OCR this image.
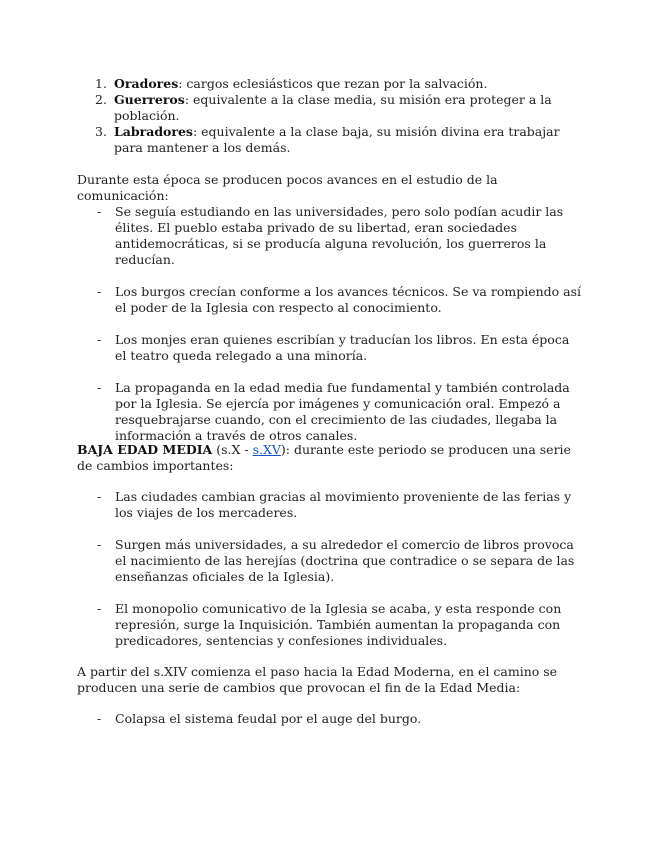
1. Oradores: cargos eclesiásticos que rezan por la salvación.
2. Guerreros: equivalente a la clase media, su misión era proteger a la población.
3. Labradores: equivalente a la clase baja, su misión divina era trabajar para mantener a los demás.

Durante esta época se producen pocos avances en el estudio de la comunicación:

- Se seguía estudiando en las universidades, pero solo podían acudir las élites. El pueblo estaba privado de su libertad, eran sociedades antidemocráticas, si se producía alguna revolución, los guerreros la reducían.
- Los burgos crecían conforme a los avances técnicos. Se va rompiendo así el poder de la Iglesia con respecto al conocimiento.
- Los monjes eran quienes escribían y traducían los libros. En esta época el teatro queda relegado a una minoría.
- La propaganda en la edad media fue fundamental y también controlada por la Iglesia. Se ejercía por imágenes y comunicación oral. Empezó a resquebrajarse cuando, con el crecimiento de las ciudades, llegaba la información a través de otros canales.

BAJA EDAD MEDIA (s.X - s.XV): durante este periodo se producen una serie de cambios importantes:

- Las ciudades cambian gracias al movimiento proveniente de las ferias y los viajes de los mercaderes.
- Surgen más universidades, a su alrededor el comercio de libros provoca el nacimiento de las herejías (doctrina que contradice o se separa de las enseñanzas oficiales de la Iglesia).
- El monopolio comunicativo de la Iglesia se acaba, y esta responde con represión, surge la Inquisición. También aumentan la propaganda con predicadores, sentencias y confesiones individuales.

A partir del s.XIV comienza el paso hacia la Edad Moderna, en el camino se producen una serie de cambios que provocan el fin de la Edad Media:

- Colapsa el sistema feudal por el auge del burgo.
